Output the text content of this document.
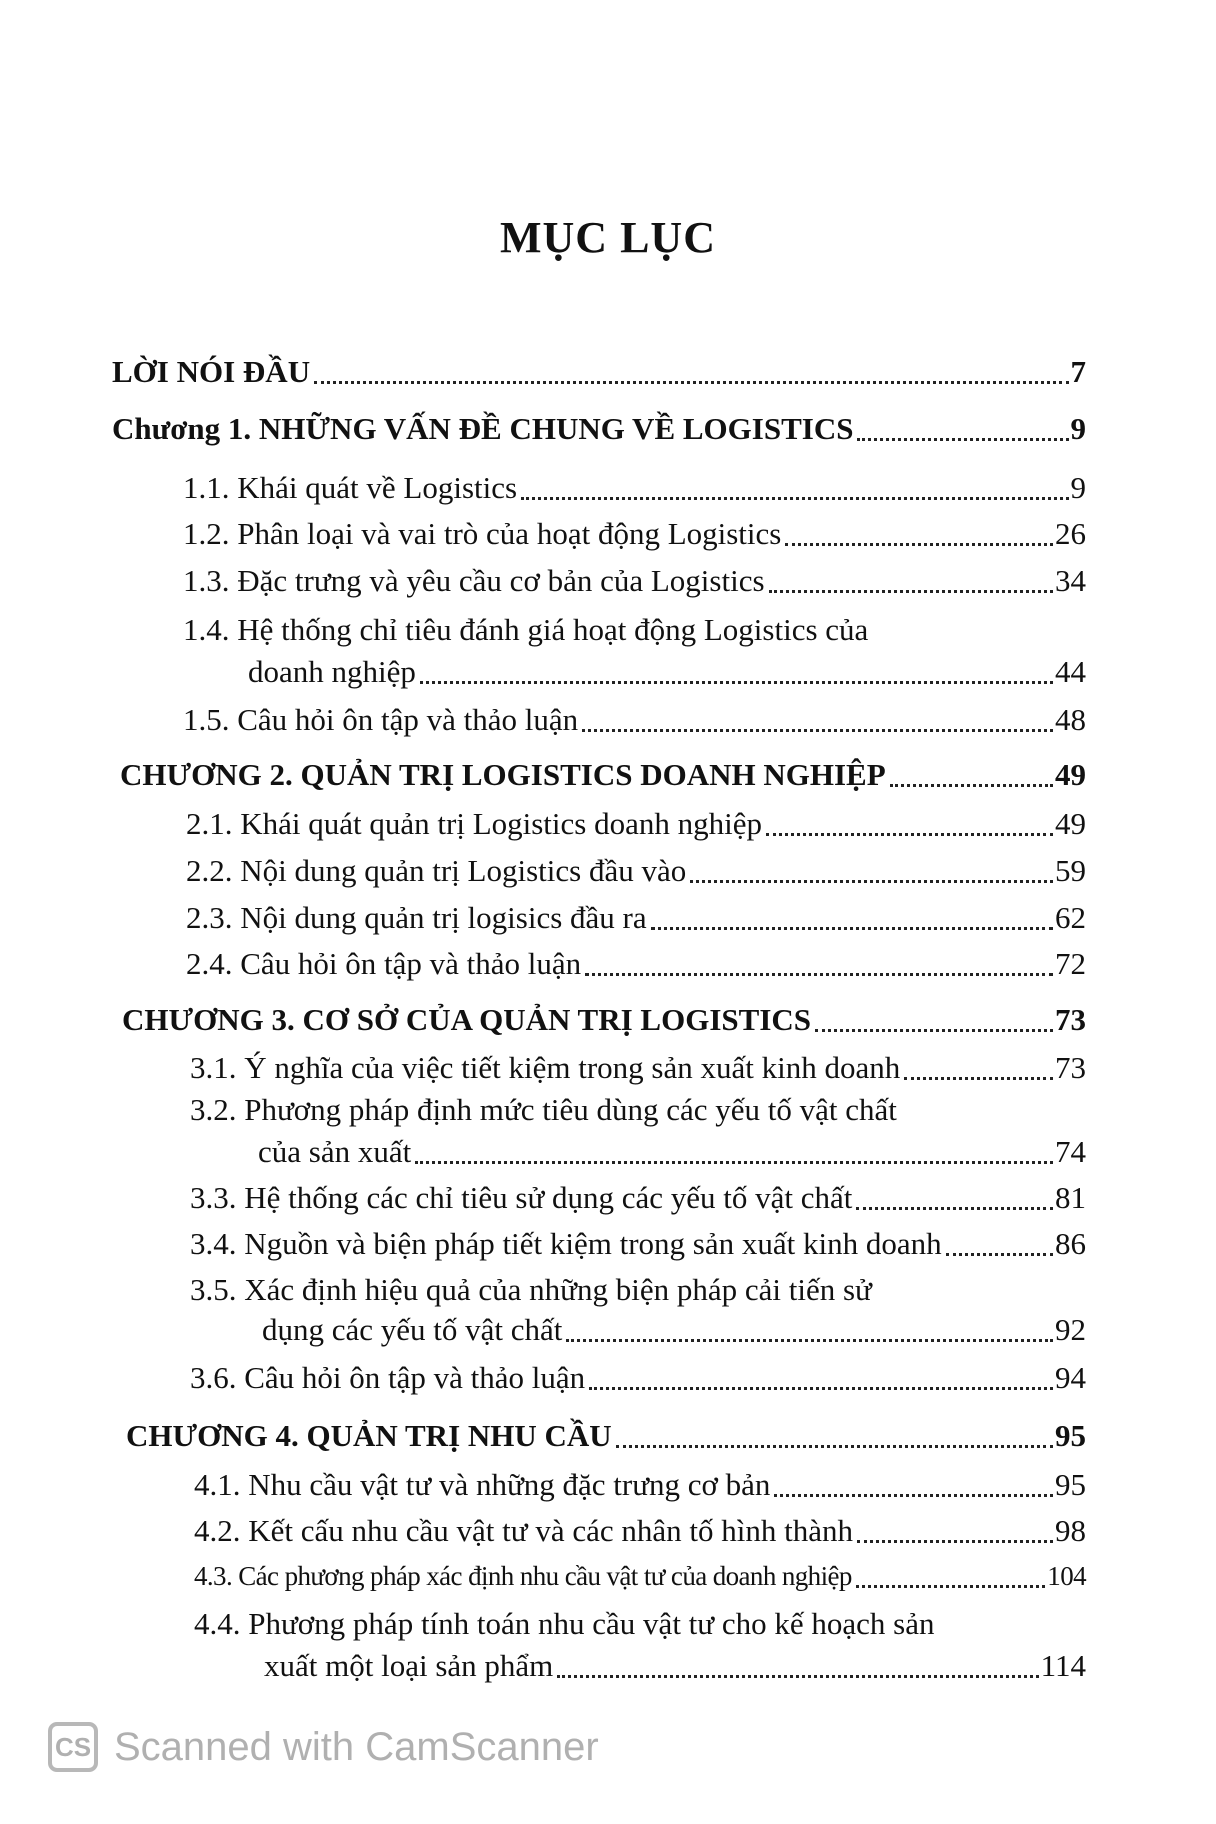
MỤC LỤC
LỜI NÓI ĐẦU	7
Chương 1. NHỮNG VẤN ĐỀ CHUNG VỀ LOGISTICS	9
1.1. Khái quát về Logistics	9
1.2. Phân loại và vai trò của hoạt động Logistics	26
1.3. Đặc trưng và yêu cầu cơ bản của Logistics	34
1.4. Hệ thống chỉ tiêu đánh giá hoạt động Logistics của
doanh nghiệp	44
1.5. Câu hỏi ôn tập và thảo luận	48
CHƯƠNG 2. QUẢN TRỊ LOGISTICS DOANH NGHIỆP	49
2.1. Khái quát quản trị Logistics doanh nghiệp	49
2.2. Nội dung quản trị Logistics đầu vào	59
2.3. Nội dung quản trị logisics đầu ra	62
2.4. Câu hỏi ôn tập và thảo luận	72
CHƯƠNG 3. CƠ SỞ CỦA QUẢN TRỊ LOGISTICS	73
3.1. Ý nghĩa của việc tiết kiệm trong sản xuất kinh doanh	73
3.2. Phương pháp định mức tiêu dùng các yếu tố vật chất
của sản xuất	74
3.3. Hệ thống các chỉ tiêu sử dụng các yếu tố vật chất	81
3.4. Nguồn và biện pháp tiết kiệm trong sản xuất kinh doanh	86
3.5. Xác định hiệu quả của những biện pháp cải tiến sử
dụng các yếu tố vật chất	92
3.6. Câu hỏi ôn tập và thảo luận	94
CHƯƠNG 4. QUẢN TRỊ NHU CẦU	95
4.1. Nhu cầu vật tư và những đặc trưng cơ bản	95
4.2. Kết cấu nhu cầu vật tư và các nhân tố hình thành	98
4.3. Các phương pháp xác định nhu cầu vật tư của doanh nghiệp	104
4.4. Phương pháp tính toán nhu cầu vật tư cho kế hoạch sản
xuất một loại sản phẩm	114
CS Scanned with CamScanner
